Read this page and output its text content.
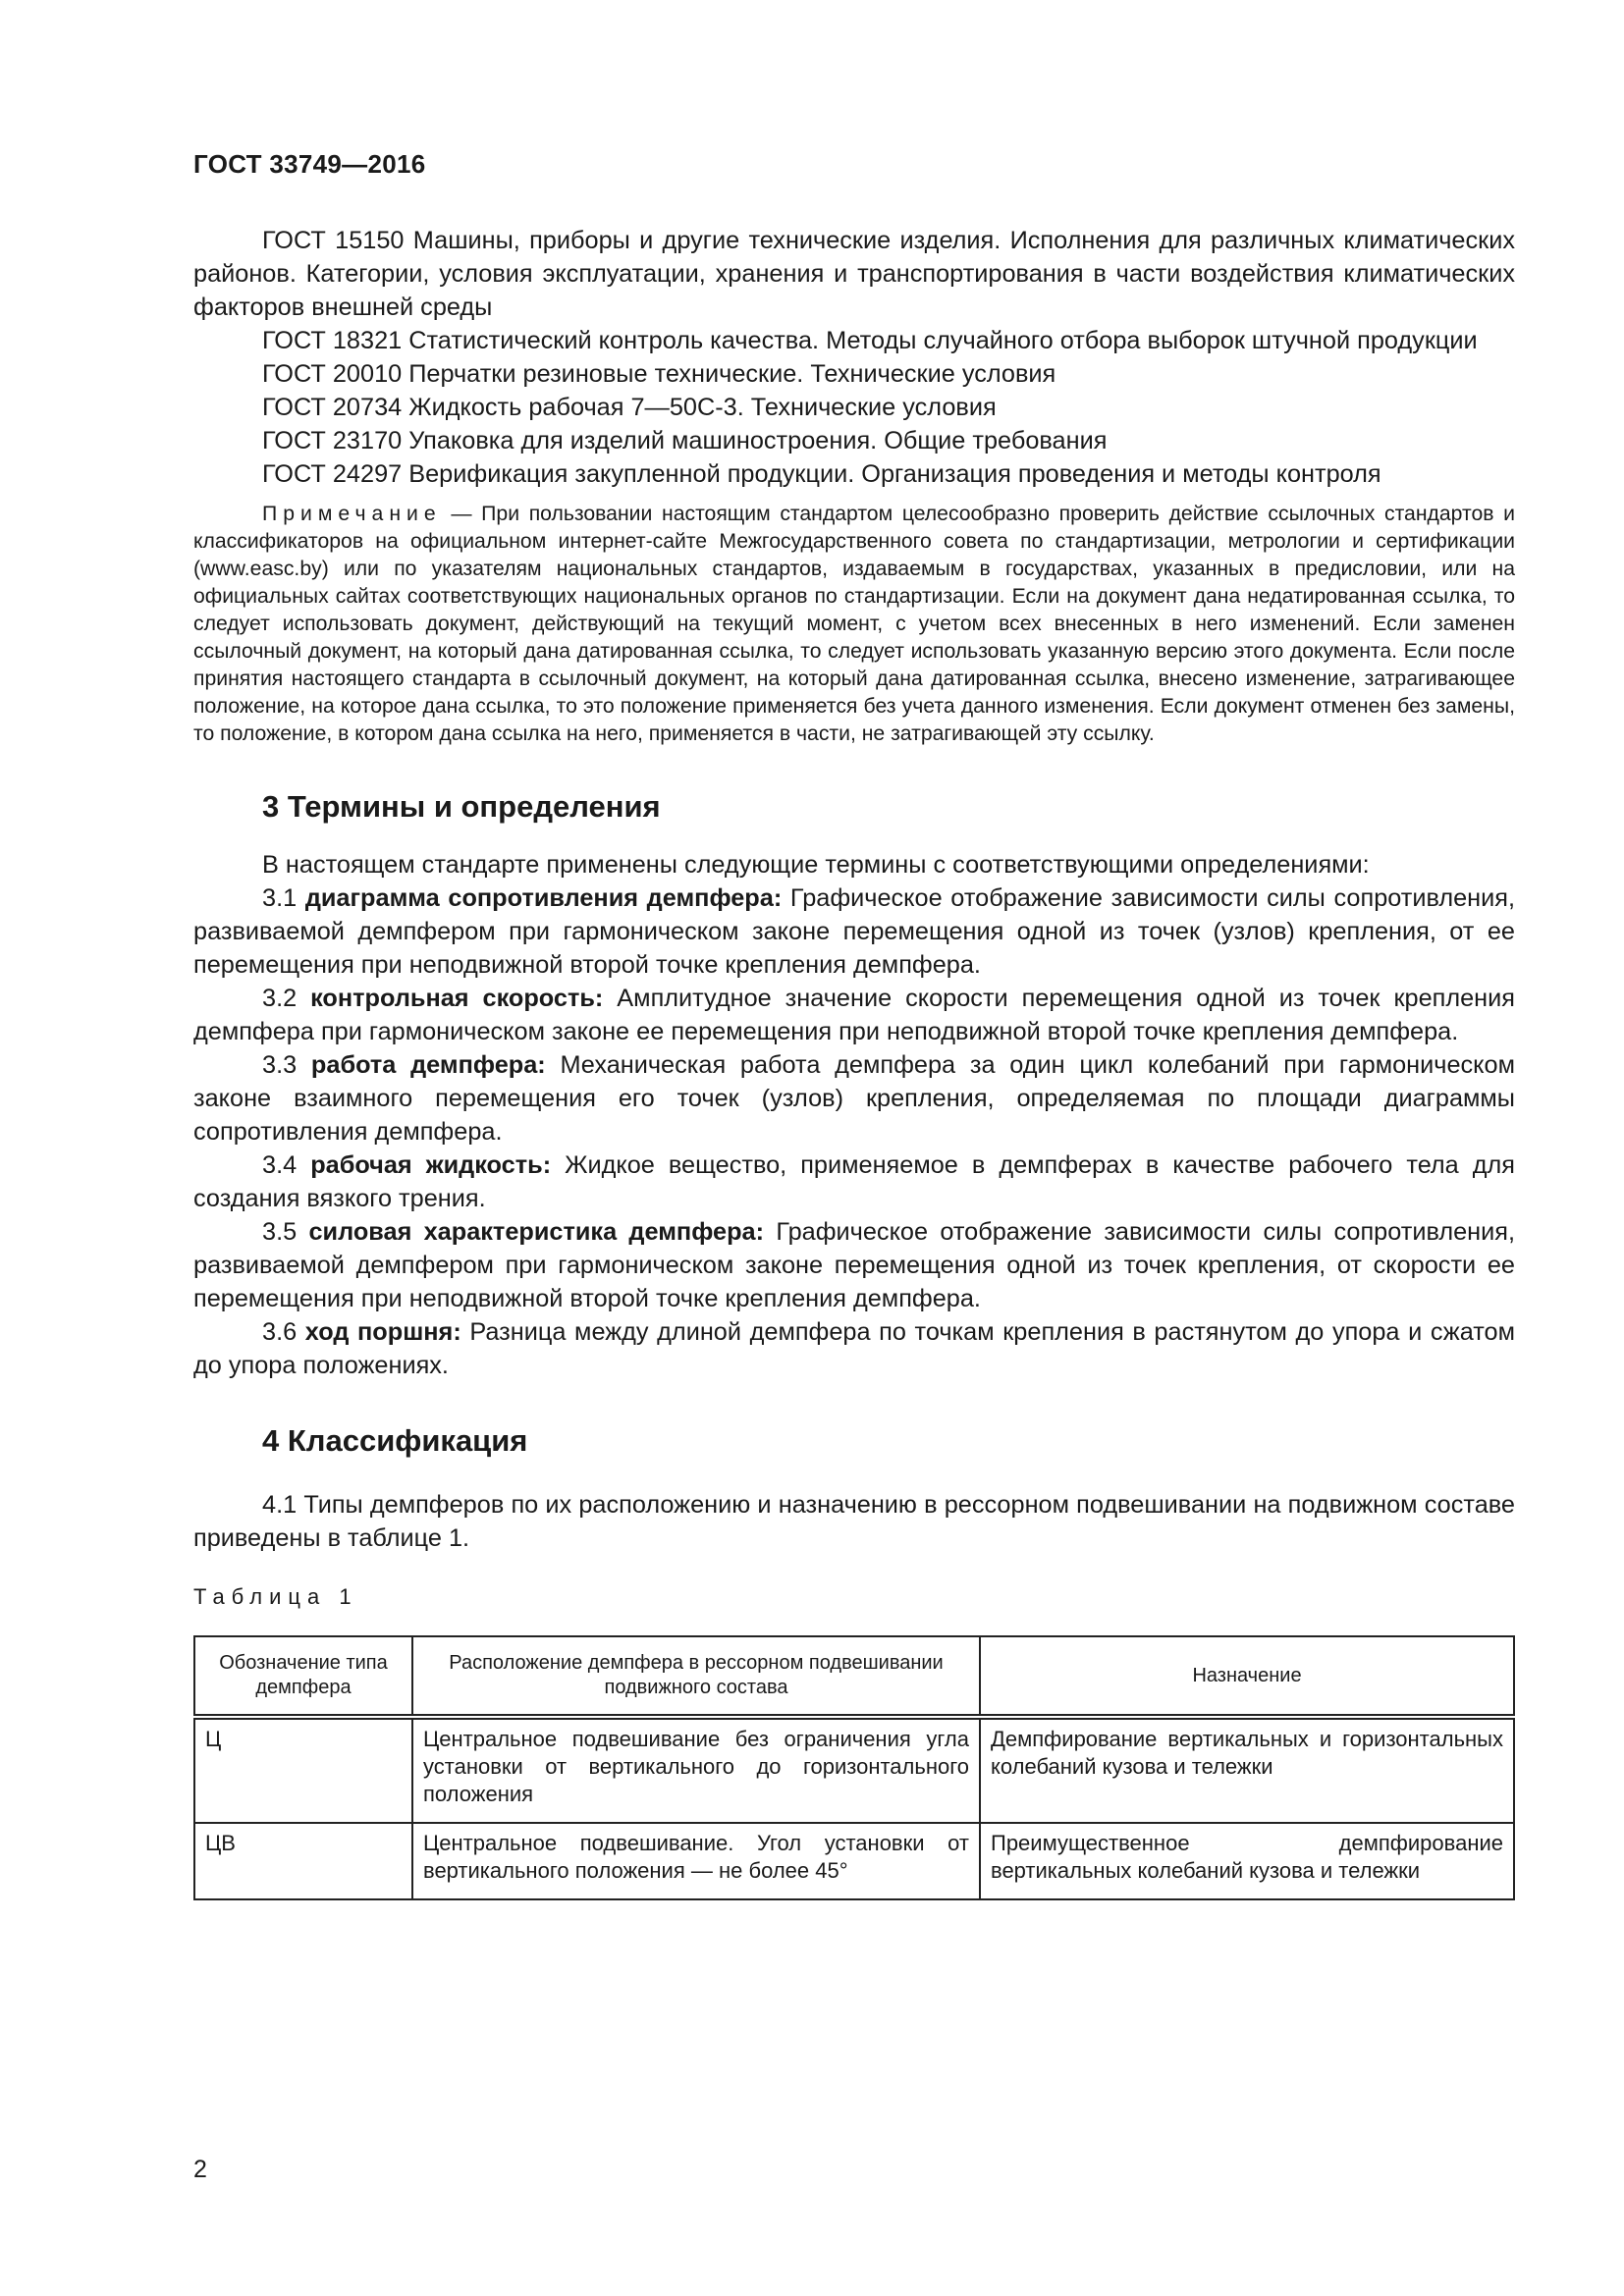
ГОСТ 33749—2016

ГОСТ 15150 Машины, приборы и другие технические изделия. Исполнения для различных климатических районов. Категории, условия эксплуатации, хранения и транспортирования в части воздействия климатических факторов внешней среды

ГОСТ 18321 Статистический контроль качества. Методы случайного отбора выборок штучной продукции

ГОСТ 20010 Перчатки резиновые технические. Технические условия

ГОСТ 20734 Жидкость рабочая 7—50С-3. Технические условия

ГОСТ 23170 Упаковка для изделий машиностроения. Общие требования

ГОСТ 24297 Верификация закупленной продукции. Организация проведения и методы контроля

Примечание — При пользовании настоящим стандартом целесообразно проверить действие ссылочных стандартов и классификаторов на официальном интернет-сайте Межгосударственного совета по стандартизации, метрологии и сертификации (www.easc.by) или по указателям национальных стандартов, издаваемым в государствах, указанных в предисловии, или на официальных сайтах соответствующих национальных органов по стандартизации. Если на документ дана недатированная ссылка, то следует использовать документ, действующий на текущий момент, с учетом всех внесенных в него изменений. Если заменен ссылочный документ, на который дана датированная ссылка, то следует использовать указанную версию этого документа. Если после принятия настоящего стандарта в ссылочный документ, на который дана датированная ссылка, внесено изменение, затрагивающее положение, на которое дана ссылка, то это положение применяется без учета данного изменения. Если документ отменен без замены, то положение, в котором дана ссылка на него, применяется в части, не затрагивающей эту ссылку.

3 Термины и определения

В настоящем стандарте применены следующие термины с соответствующими определениями:

3.1 диаграмма сопротивления демпфера: Графическое отображение зависимости силы сопротивления, развиваемой демпфером при гармоническом законе перемещения одной из точек (узлов) крепления, от ее перемещения при неподвижной второй точке крепления демпфера.

3.2 контрольная скорость: Амплитудное значение скорости перемещения одной из точек крепления демпфера при гармоническом законе ее перемещения при неподвижной второй точке крепления демпфера.

3.3 работа демпфера: Механическая работа демпфера за один цикл колебаний при гармоническом законе взаимного перемещения его точек (узлов) крепления, определяемая по площади диаграммы сопротивления демпфера.

3.4 рабочая жидкость: Жидкое вещество, применяемое в демпферах в качестве рабочего тела для создания вязкого трения.

3.5 силовая характеристика демпфера: Графическое отображение зависимости силы сопротивления, развиваемой демпфером при гармоническом законе перемещения одной из точек крепления, от скорости ее перемещения при неподвижной второй точке крепления демпфера.

3.6 ход поршня: Разница между длиной демпфера по точкам крепления в растянутом до упора и сжатом до упора положениях.

4 Классификация

4.1 Типы демпферов по их расположению и назначению в рессорном подвешивании на подвижном составе приведены в таблице 1.

Таблица 1
Обозначение типа демпфера	Расположение демпфера в рессорном подвешивании подвижного состава	Назначение
Ц	Центральное подвешивание без ограничения угла установки от вертикального до горизонтального положения	Демпфирование вертикальных и горизонтальных колебаний кузова и тележки
ЦВ	Центральное подвешивание. Угол установки от вертикального положения — не более 45°	Преимущественное демпфирование вертикальных колебаний кузова и тележки
2
